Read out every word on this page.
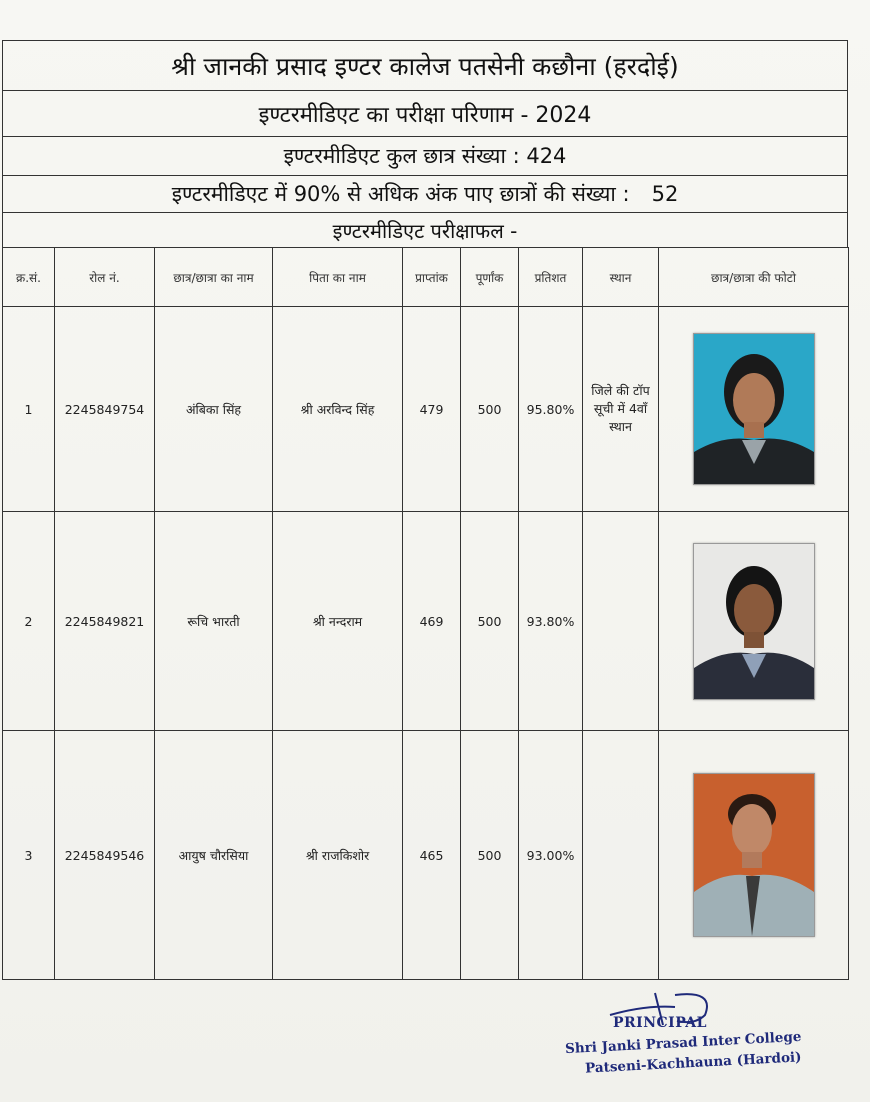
श्री जानकी प्रसाद इण्टर कालेज पतसेनी कछौना (हरदोई)
इण्टरमीडिएट का परीक्षा परिणाम - 2024
इण्टरमीडिएट कुल छात्र संख्या : 424
इण्टरमीडिएट में 90% से अधिक अंक पाए छात्रों की संख्या : 52
इण्टरमीडिएट परीक्षाफल -
क्र.सं.	रोल नं.	छात्र/छात्रा का नाम	पिता का नाम	प्राप्तांक	पूर्णांक	प्रतिशत	स्थान	छात्र/छात्रा की फोटो
1	2245849754	अंबिका सिंह	श्री अरविन्द सिंह	479	500	95.80%	जिले की टॉप सूची में 4वाँ स्थान	

2	2245849821	रूचि भारती	श्री नन्दराम	469	500	93.80%		

3	2245849546	आयुष चौरसिया	श्री राजकिशोर	465	500	93.00%		
PRINCIPAL
Shri Janki Prasad Inter College
Patseni-Kachhauna (Hardoi)
